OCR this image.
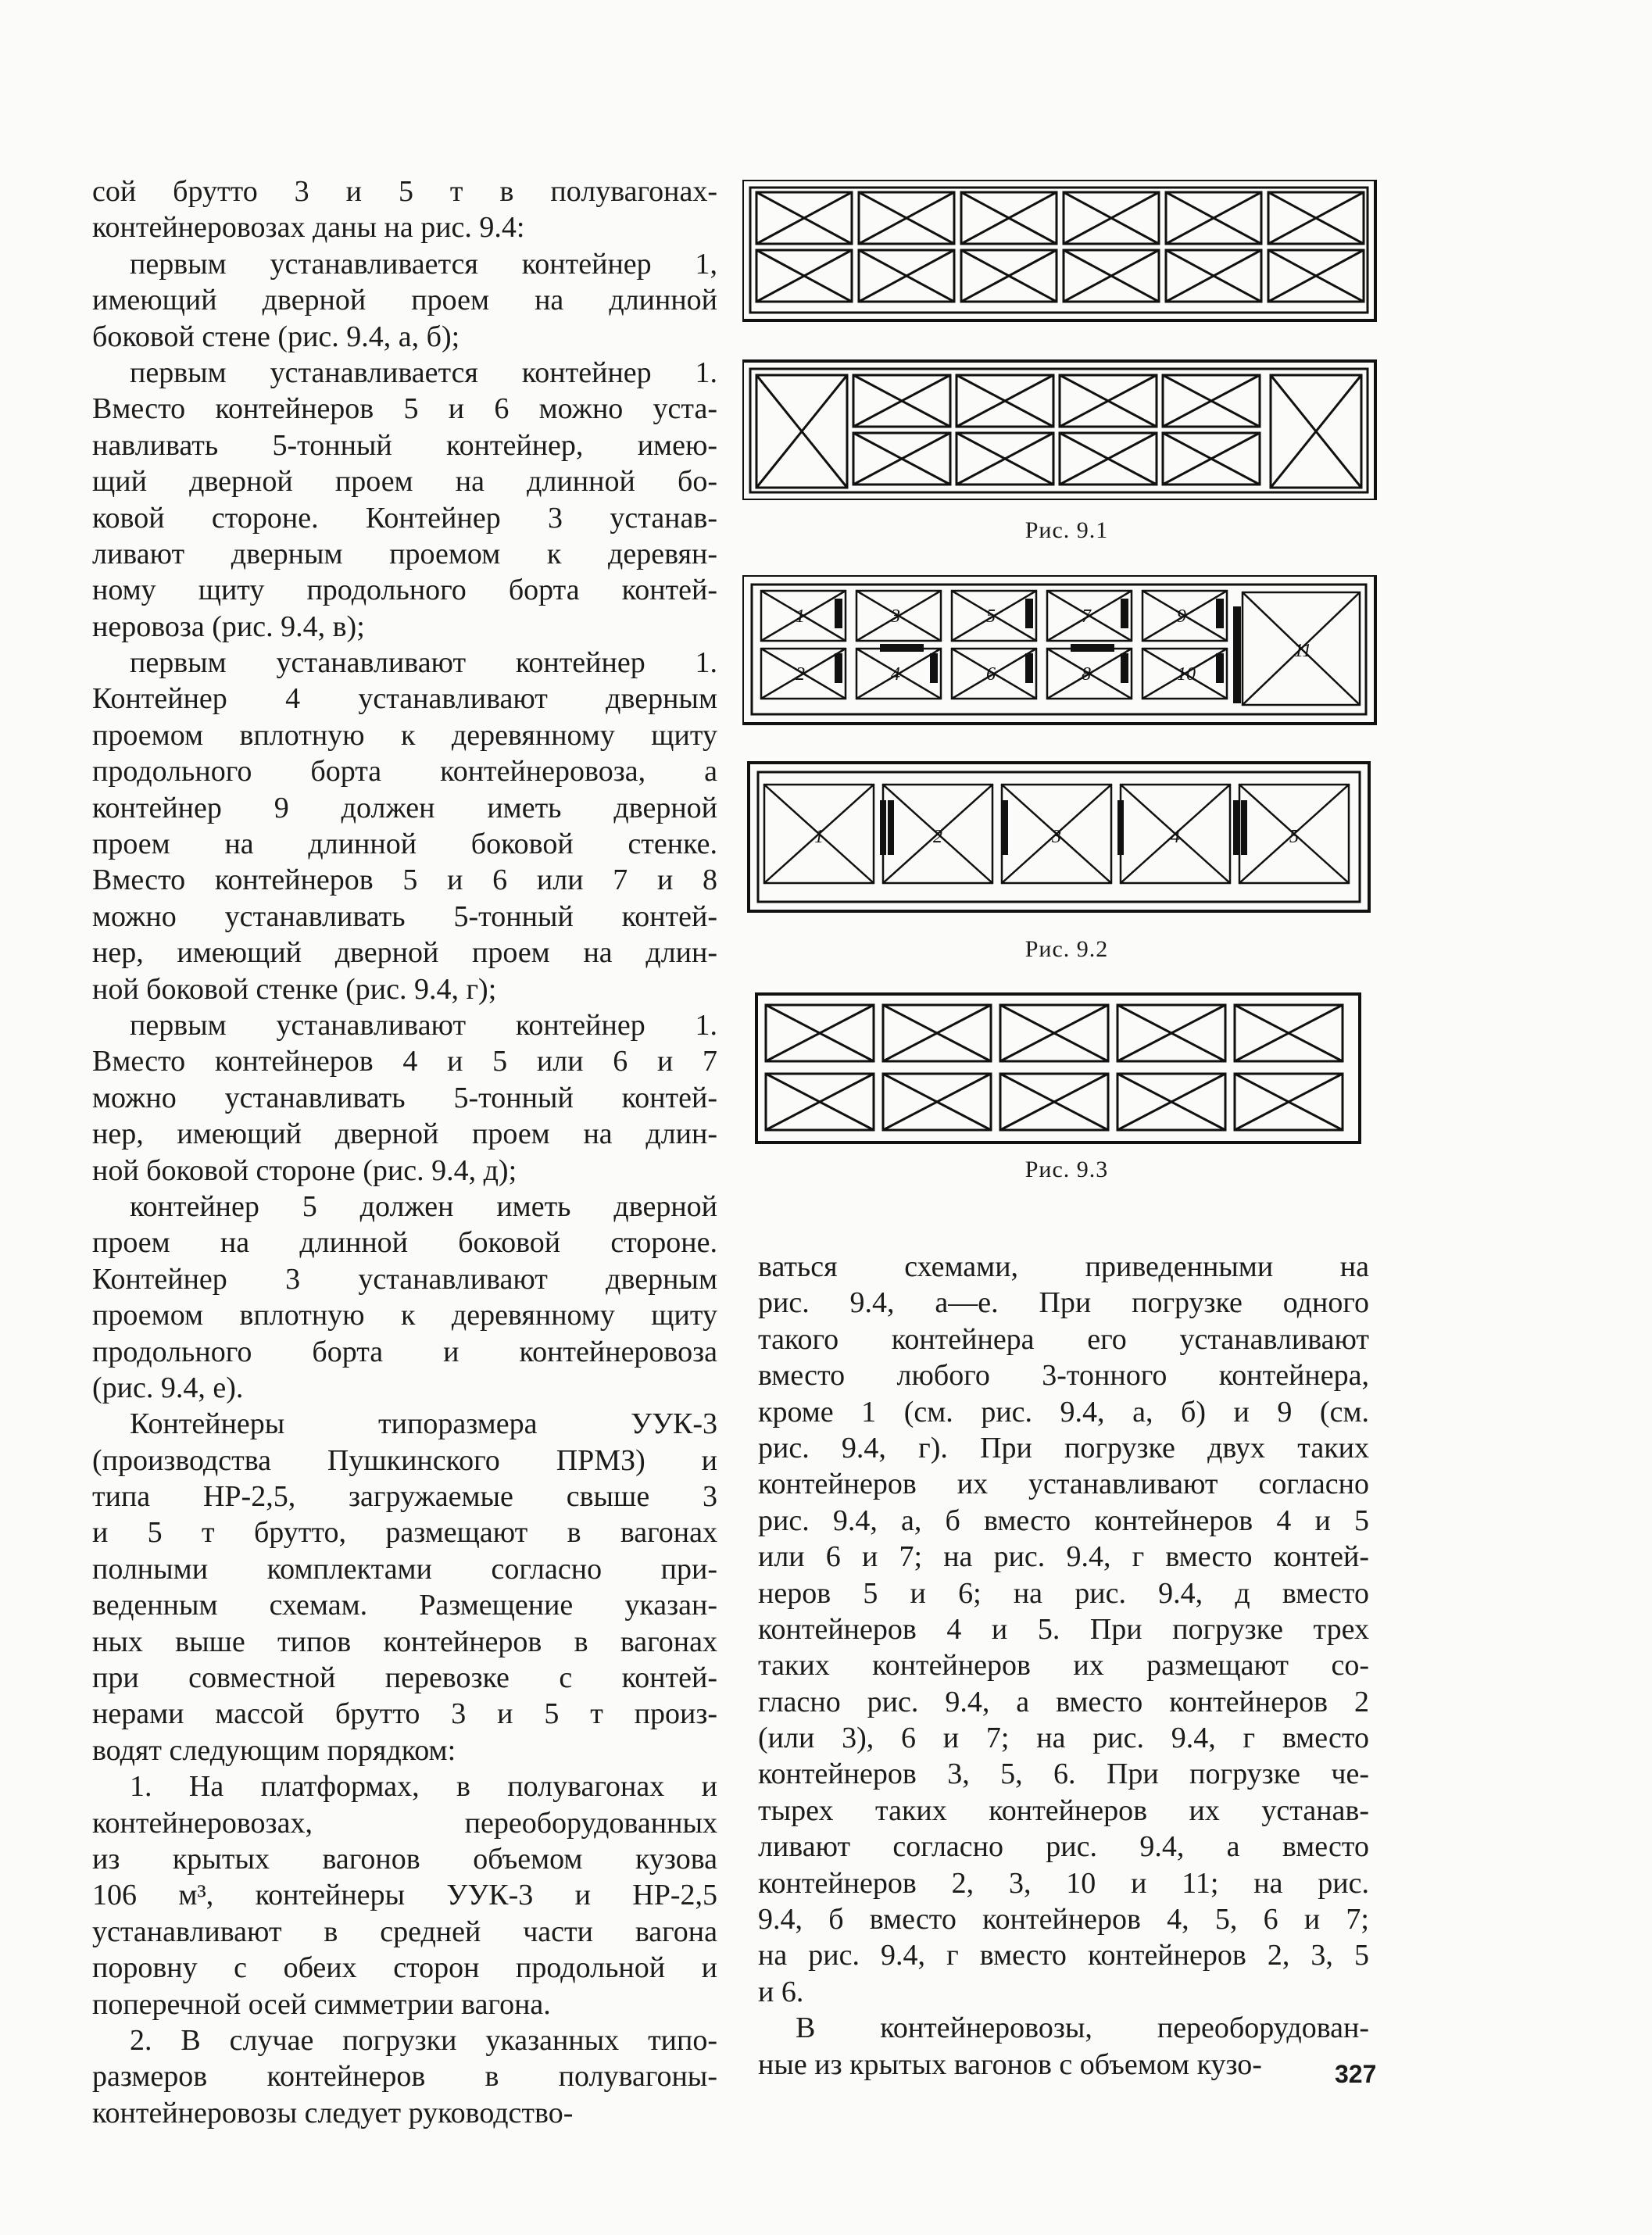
сой брутто 3 и 5 т в полувагонах-
контейнеровозах даны на рис. 9.4:
первым устанавливается контейнер 1,
имеющий дверной проем на длинной
боковой стене (рис. 9.4, а, б);
первым устанавливается контейнер 1.
Вместо контейнеров 5 и 6 можно уста-
навливать 5-тонный контейнер, имею-
щий дверной проем на длинной бо-
ковой стороне. Контейнер 3 устанав-
ливают дверным проемом к деревян-
ному щиту продольного борта контей-
неровоза (рис. 9.4, в);
первым устанавливают контейнер 1.
Контейнер 4 устанавливают дверным
проемом вплотную к деревянному щиту
продольного борта контейнеровоза, а
контейнер 9 должен иметь дверной
проем на длинной боковой стенке.
Вместо контейнеров 5 и 6 или 7 и 8
можно устанавливать 5-тонный контей-
нер, имеющий дверной проем на длин-
ной боковой стенке (рис. 9.4, г);
первым устанавливают контейнер 1.
Вместо контейнеров 4 и 5 или 6 и 7
можно устанавливать 5-тонный контей-
нер, имеющий дверной проем на длин-
ной боковой стороне (рис. 9.4, д);
контейнер 5 должен иметь дверной
проем на длинной боковой стороне.
Контейнер 3 устанавливают дверным
проемом вплотную к деревянному щиту
продольного борта и контейнеровоза
(рис. 9.4, е).
Контейнеры типоразмера УУК-3
(производства Пушкинского ПРМЗ) и
типа НР-2,5, загружаемые свыше 3
и 5 т брутто, размещают в вагонах
полными комплектами согласно при-
веденным схемам. Размещение указан-
ных выше типов контейнеров в вагонах
при совместной перевозке с контей-
нерами массой брутто 3 и 5 т произ-
водят следующим порядком:
1. На платформах, в полувагонах и
контейнеровозах, переоборудованных
из крытых вагонов объемом кузова
106 м³, контейнеры УУК-3 и НР-2,5
устанавливают в средней части вагона
поровну с обеих сторон продольной и
поперечной осей симметрии вагона.
2. В случае погрузки указанных типо-
размеров контейнеров в полувагоны-
контейнеровозы следует руководство-
ваться схемами, приведенными на
рис. 9.4, а—е. При погрузке одного
такого контейнера его устанавливают
вместо любого 3-тонного контейнера,
кроме 1 (см. рис. 9.4, а, б) и 9 (см.
рис. 9.4, г). При погрузке двух таких
контейнеров их устанавливают согласно
рис. 9.4, а, б вместо контейнеров 4 и 5
или 6 и 7; на рис. 9.4, г вместо контей-
неров 5 и 6; на рис. 9.4, д вместо
контейнеров 4 и 5. При погрузке трех
таких контейнеров их размещают со-
гласно рис. 9.4, а вместо контейнеров 2
(или 3), 6 и 7; на рис. 9.4, г вместо
контейнеров 3, 5, 6. При погрузке че-
тырех таких контейнеров их устанав-
ливают согласно рис. 9.4, а вместо
контейнеров 2, 3, 10 и 11; на рис.
9.4, б вместо контейнеров 4, 5, 6 и 7;
на рис. 9.4, г вместо контейнеров 2, 3, 5
и 6.
В контейнеровозы, переоборудован-
ные из крытых вагонов с объемом кузо-
Рис. 9.1
1
2
3
4
5
6
7
8
9
10
11
1	2	3	4	5
Рис. 9.2
Рис. 9.3
327
